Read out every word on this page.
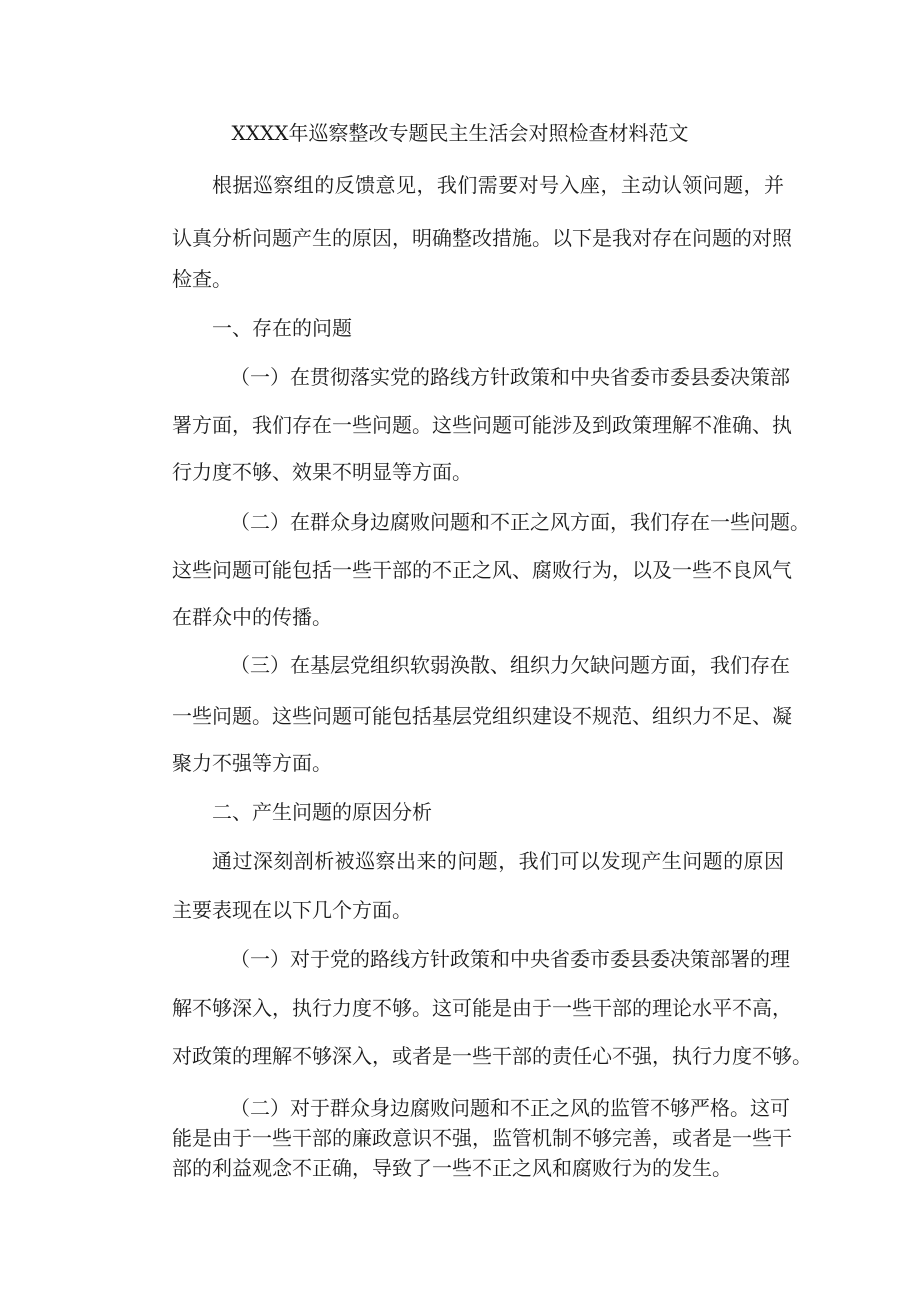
XXXX年巡察整改专题民主生活会对照检查材料范文
根据巡察组的反馈意见，我们需要对号入座，主动认领问题，并
认真分析问题产生的原因，明确整改措施。以下是我对存在问题的对照
检查。
一、存在的问题
（一）在贯彻落实党的路线方针政策和中央省委市委县委决策部
署方面，我们存在一些问题。这些问题可能涉及到政策理解不准确、执
行力度不够、效果不明显等方面。
（二）在群众身边腐败问题和不正之风方面，我们存在一些问题。
这些问题可能包括一些干部的不正之风、腐败行为，以及一些不良风气
在群众中的传播。
（三）在基层党组织软弱涣散、组织力欠缺问题方面，我们存在
一些问题。这些问题可能包括基层党组织建设不规范、组织力不足、凝
聚力不强等方面。
二、产生问题的原因分析
通过深刻剖析被巡察出来的问题，我们可以发现产生问题的原因
主要表现在以下几个方面。
（一）对于党的路线方针政策和中央省委市委县委决策部署的理
解不够深入，执行力度不够。这可能是由于一些干部的理论水平不高，
对政策的理解不够深入，或者是一些干部的责任心不强，执行力度不够。
（二）对于群众身边腐败问题和不正之风的监管不够严格。这可
能是由于一些干部的廉政意识不强，监管机制不够完善，或者是一些干
部的利益观念不正确，导致了一些不正之风和腐败行为的发生。
